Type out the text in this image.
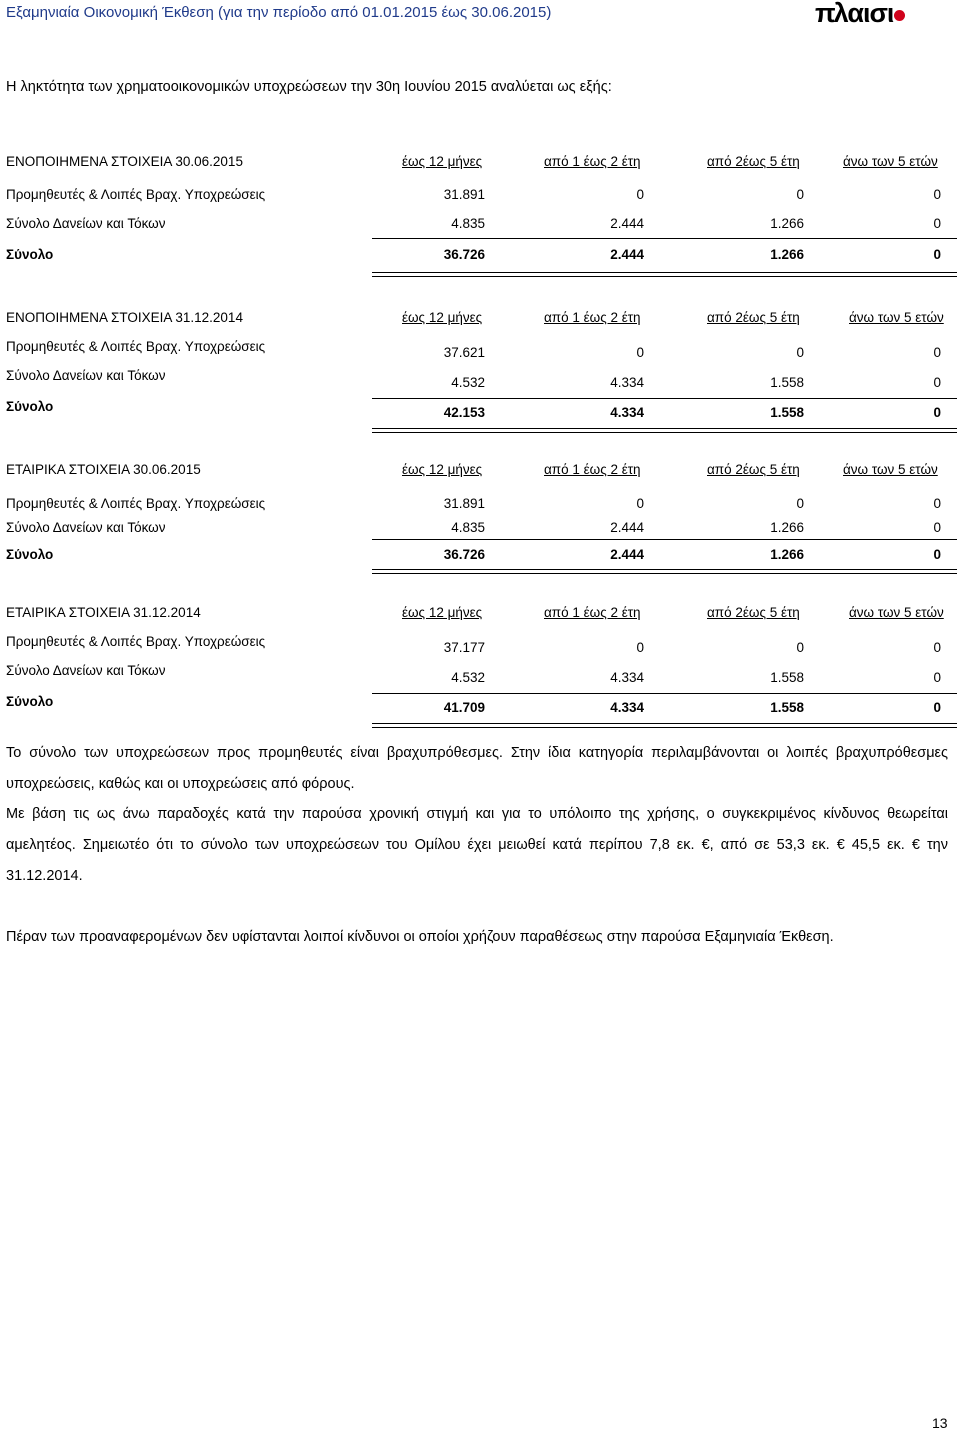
Εξαμηνιαία Οικονομική Έκθεση (για την περίοδο από 01.01.2015 έως 30.06.2015)	πλαισι
Η ληκτότητα των χρηματοοικονομικών υποχρεώσεων την 30η Ιουνίου 2015 αναλύεται ως εξής:
ΕΝΟΠΟΙΗΜΕΝΑ ΣΤΟΙΧΕΙΑ 30.06.2015	έως 12 μήνες	από 1 έως 2 έτη	από 2έως 5 έτη	άνω των 5 ετών
Προμηθευτές & Λοιπές Βραχ. Υποχρεώσεις	31.891	0	0	0
Σύνολο Δανείων και Τόκων	4.835	2.444	1.266	0
Σύνολο	36.726	2.444	1.266	0
ΕΝΟΠΟΙΗΜΕΝΑ ΣΤΟΙΧΕΙΑ 31.12.2014	έως 12 μήνες	από 1 έως 2 έτη	από 2έως 5 έτη	άνω των 5 ετών
Προμηθευτές & Λοιπές Βραχ. Υποχρεώσεις	37.621	0	0	0
Σύνολο Δανείων και Τόκων	4.532	4.334	1.558	0
Σύνολο	42.153	4.334	1.558	0
ΕΤΑΙΡΙΚΑ ΣΤΟΙΧΕΙΑ 30.06.2015	έως 12 μήνες	από 1 έως 2 έτη	από 2έως 5 έτη	άνω των 5 ετών
Προμηθευτές & Λοιπές Βραχ. Υποχρεώσεις	31.891	0	0	0
Σύνολο Δανείων και Τόκων	4.835	2.444	1.266	0
Σύνολο	36.726	2.444	1.266	0
ΕΤΑΙΡΙΚΑ ΣΤΟΙΧΕΙΑ 31.12.2014	έως 12 μήνες	από 1 έως 2 έτη	από 2έως 5 έτη	άνω των 5 ετών
Προμηθευτές & Λοιπές Βραχ. Υποχρεώσεις	37.177	0	0	0
Σύνολο Δανείων και Τόκων	4.532	4.334	1.558	0
Σύνολο	41.709	4.334	1.558	0
Το σύνολο των υποχρεώσεων προς προμηθευτές είναι βραχυπρόθεσμες. Στην ίδια κατηγορία περιλαμβάνονται οι λοιπές βραχυπρόθεσμες υποχρεώσεις, καθώς και οι υποχρεώσεις από φόρους.
Με βάση τις ως άνω παραδοχές κατά την παρούσα χρονική στιγμή και για το υπόλοιπο της χρήσης, ο συγκεκριμένος κίνδυνος θεωρείται αμελητέος. Σημειωτέο ότι το σύνολο των υποχρεώσεων του Ομίλου έχει μειωθεί κατά περίπου 7,8 εκ. €, από σε 53,3 εκ. € 45,5 εκ. € την 31.12.2014.
Πέραν των προαναφερομένων δεν υφίστανται λοιποί κίνδυνοι οι οποίοι χρήζουν παραθέσεως στην παρούσα Εξαμηνιαία Έκθεση.
13
